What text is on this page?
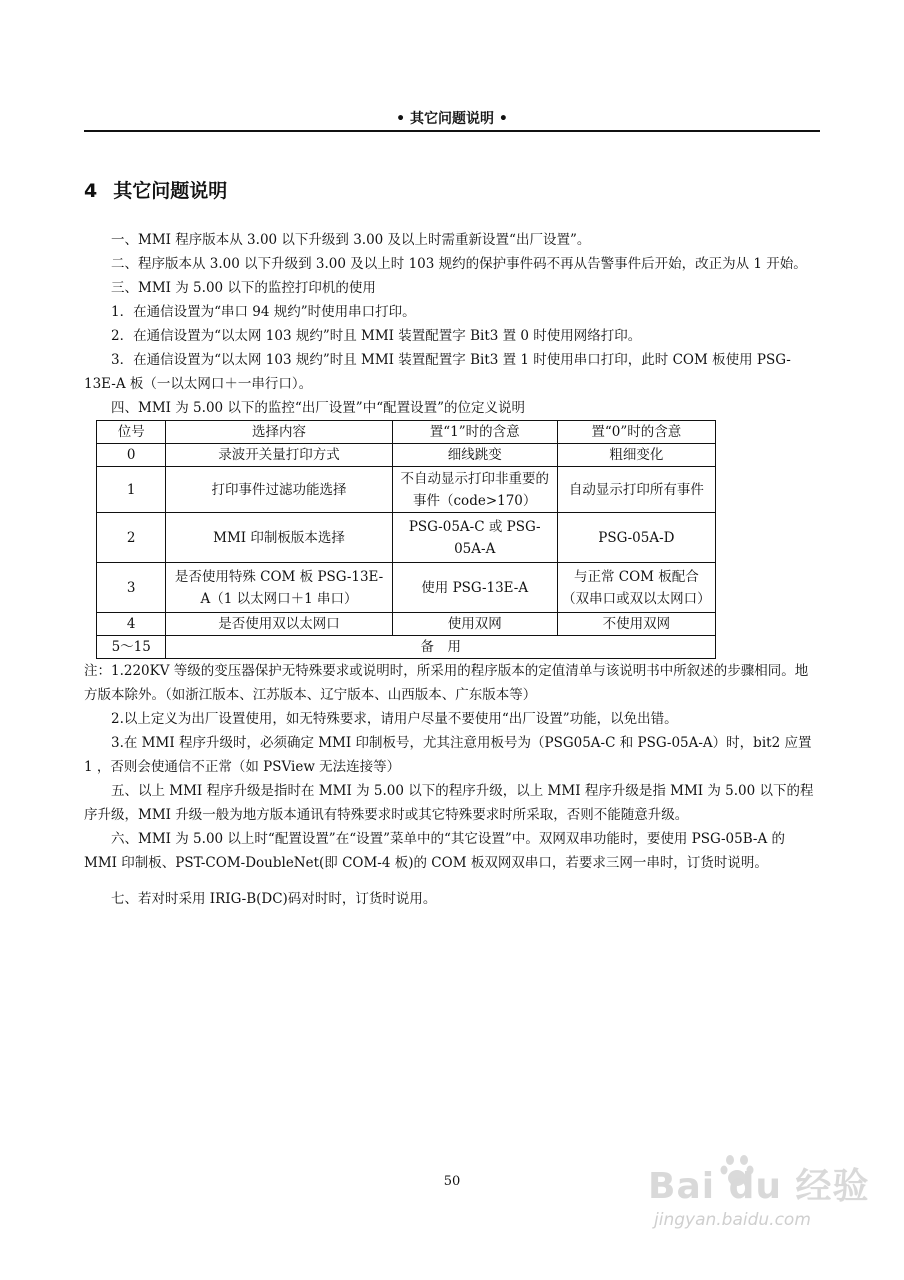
• 其它问题说明 •
4 其它问题说明

一、MMI 程序版本从 3.00 以下升级到 3.00 及以上时需重新设置“出厂设置”。

二、程序版本从 3.00 以下升级到 3.00 及以上时 103 规约的保护事件码不再从告警事件后开始，改正为从 1 开始。

三、MMI 为 5.00 以下的监控打印机的使用

1．在通信设置为“串口 94 规约”时使用串口打印。

2．在通信设置为“以太网 103 规约”时且 MMI 装置配置字 Bit3 置 0 时使用网络打印。

3．在通信设置为“以太网 103 规约”时且 MMI 装置配置字 Bit3 置 1 时使用串口打印，此时 COM 板使用 PSG-13E-A 板（一以太网口＋一串行口）。

四、MMI 为 5.00 以下的监控“出厂设置”中“配置设置”的位定义说明

位号	选择内容	置“1”时的含意	置“0”时的含意
0	录波开关量打印方式	细线跳变	粗细变化
1	打印事件过滤功能选择	不自动显示打印非重要的事件（code>170）	自动显示打印所有事件
2	MMI 印制板版本选择	PSG-05A-C 或 PSG-05A-A	PSG-05A-D
3	是否使用特殊 COM 板 PSG-13E-A（1 以太网口＋1 串口）	使用 PSG-13E-A	与正常 COM 板配合（双串口或双以太网口）
4	是否使用双以太网口	使用双网	不使用双网
5～15	备　用		

注：1.220KV 等级的变压器保护无特殊要求或说明时，所采用的程序版本的定值清单与该说明书中所叙述的步骤相同。地方版本除外。（如浙江版本、江苏版本、辽宁版本、山西版本、广东版本等）

2.以上定义为出厂设置使用，如无特殊要求，请用户尽量不要使用“出厂设置”功能，以免出错。

3.在 MMI 程序升级时，必须确定 MMI 印制板号，尤其注意用板号为（PSG05A-C 和 PSG-05A-A）时，bit2 应置 1 ，否则会使通信不正常（如 PSView 无法连接等）

五、以上 MMI 程序升级是指时在 MMI 为 5.00 以下的程序升级，以上 MMI 程序升级是指 MMI 为 5.00 以下的程序升级，MMI 升级一般为地方版本通讯有特殊要求时或其它特殊要求时所采取，否则不能随意升级。

六、MMI 为 5.00 以上时“配置设置”在“设置”菜单中的“其它设置”中。双网双串功能时，要使用 PSG-05B-A 的 MMI 印制板、PST-COM-DoubleNet(即 COM-4 板)的 COM 板双网双串口，若要求三网一串时，订货时说明。

七、若对时采用 IRIG-B(DC)码对时时，订货时说用。

50	Bai du 经验
jingyan.baidu.com
